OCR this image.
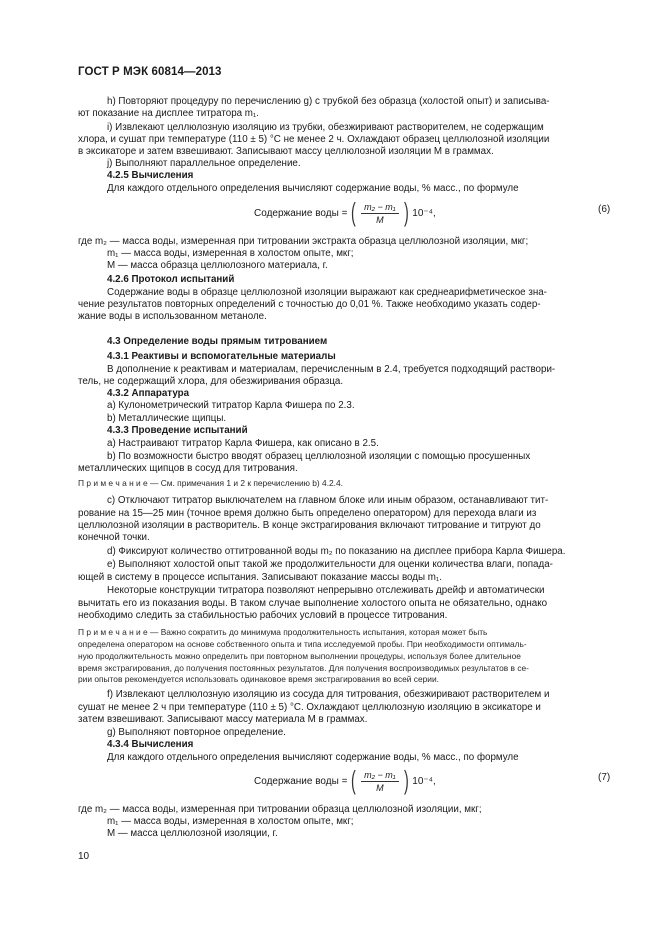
ГОСТ Р МЭК 60814—2013
h) Повторяют процедуру по перечислению g) с трубкой без образца (холостой опыт) и записыва-
ют показание на дисплее титратора m₁.
i) Извлекают целлюлозную изоляцию из трубки, обезжиривают растворителем, не содержащим
хлора, и сушат при температуре (110 ± 5) °C не менее 2 ч. Охлаждают образец целлюлозной изоляции
в эксикаторе и затем взвешивают. Записывают массу целлюлозной изоляции M в граммах.
j) Выполняют параллельное определение.
4.2.5 Вычисления
Для каждого отдельного определения вычисляют содержание воды, % масс., по формуле
где m₂ — масса воды, измеренная при титровании экстракта образца целлюлозной изоляции, мкг;
m₁ — масса воды, измеренная в холостом опыте, мкг;
M — масса образца целлюлозного материала, г.
4.2.6 Протокол испытаний
Содержание воды в образце целлюлозной изоляции выражают как среднеарифметическое зна-
чение результатов повторных определений с точностью до 0,01 %. Также необходимо указать содер-
жание воды в использованном метаноле.
4.3 Определение воды прямым титрованием
4.3.1 Реактивы и вспомогательные материалы
В дополнение к реактивам и материалам, перечисленным в 2.4, требуется подходящий раствори-
тель, не содержащий хлора, для обезжиривания образца.
4.3.2 Аппаратура
a) Кулонометрический титратор Карла Фишера по 2.3.
b) Металлические щипцы.
4.3.3 Проведение испытаний
a) Настраивают титратор Карла Фишера, как описано в 2.5.
b) По возможности быстро вводят образец целлюлозной изоляции с помощью просушенных
металлических щипцов в сосуд для титрования.
c) Отключают титратор выключателем на главном блоке или иным образом, останавливают тит-
рование на 15—25 мин (точное время должно быть определено оператором) для перехода влаги из
целлюлозной изоляции в растворитель. В конце экстрагирования включают титрование и титруют до
конечной точки.
d) Фиксируют количество оттитрованной воды m₂ по показанию на дисплее прибора Карла Фишера.
e) Выполняют холостой опыт такой же продолжительности для оценки количества влаги, попада-
ющей в систему в процессе испытания. Записывают показание массы воды m₁.
Некоторые конструкции титратора позволяют непрерывно отслеживать дрейф и автоматически
вычитать его из показания воды. В таком случае выполнение холостого опыта не обязательно, однако
необходимо следить за стабильностью рабочих условий в процессе титрования.
f) Извлекают целлюлозную изоляцию из сосуда для титрования, обезжиривают растворителем и
сушат не менее 2 ч при температуре (110 ± 5) °C. Охлаждают целлюлозную изоляцию в эксикаторе и
затем взвешивают. Записывают массу материала M в граммах.
g) Выполняют повторное определение.
4.3.4 Вычисления
Для каждого отдельного определения вычисляют содержание воды, % масс., по формуле
где m₂ — масса воды, измеренная при титровании образца целлюлозной изоляции, мкг;
m₁ — масса воды, измеренная в холостом опыте, мкг;
M — масса целлюлозной изоляции, г.
П р и м е ч а н и е — См. примечания 1 и 2 к перечислению b) 4.2.4.
П р и м е ч а н и е — Важно сократить до минимума продолжительность испытания, которая может быть
определена оператором на основе собственного опыта и типа исследуемой пробы. При необходимости оптималь-
ную продолжительность можно определить при повторном выполнении процедуры, используя более длительное
время экстрагирования, до получения постоянных результатов. Для получения воспроизводимых результатов в се-
рии опытов рекомендуется использовать одинаковое время экстрагирования во всей серии.
Содержание воды = ( $\frac{\text{m₂ − m₁}}{M}$ ) 10⁻⁴,	(6)
Содержание воды = ( $\frac{\text{m₂ − m₁}}{M}$ ) 10⁻⁴,	(7)
10
